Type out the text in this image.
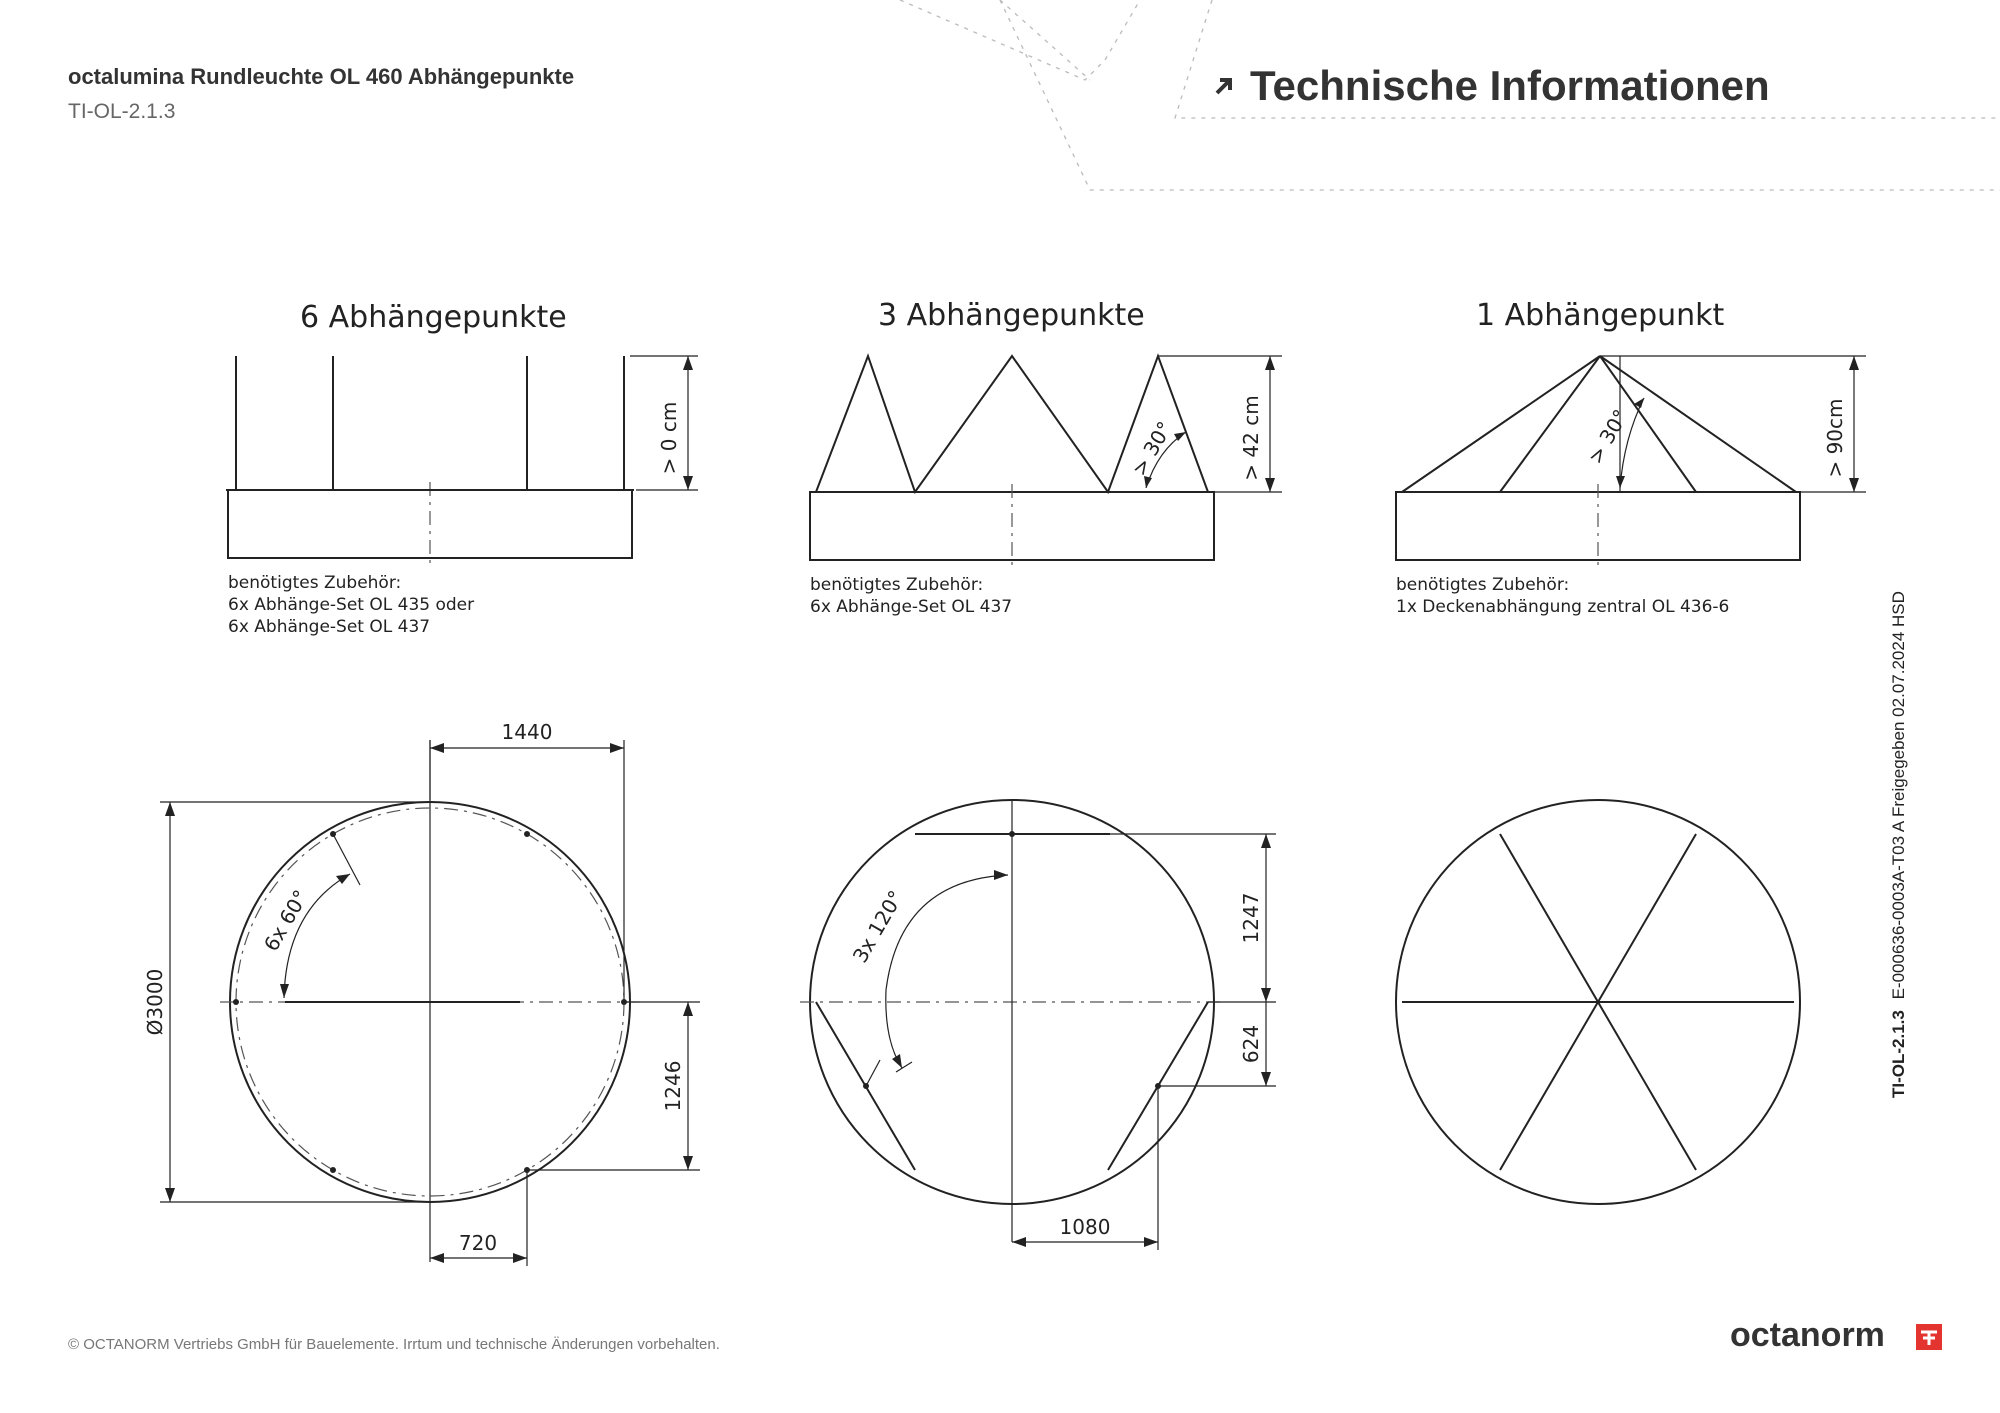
octalumina Rundleuchte OL 460 Abhängepunkte
TI-OL-2.1.3
Technische Informationen
> 0 cm	> 42 cm	> 90cm
> 30°	> 30°
1440
Ø3000
1246
720
6x 60°	1247
624
1080
3x 120°
6 Abhängepunkte	3 Abhängepunkte	1 Abhängepunkt
benötigtes Zubehör:
6x Abhänge-Set OL 435 oder
6x Abhänge-Set OL 437
benötigtes Zubehör:
6x Abhänge-Set OL 437
benötigtes Zubehör:
1x Deckenabhängung zentral OL 436-6
TI-OL-2.1.3 E-000636-0003A-T03 A Freigegeben 02.07.2024 HSD
© OCTANORM Vertriebs GmbH für Bauelemente. Irrtum und technische Änderungen vorbehalten.	octanorm
